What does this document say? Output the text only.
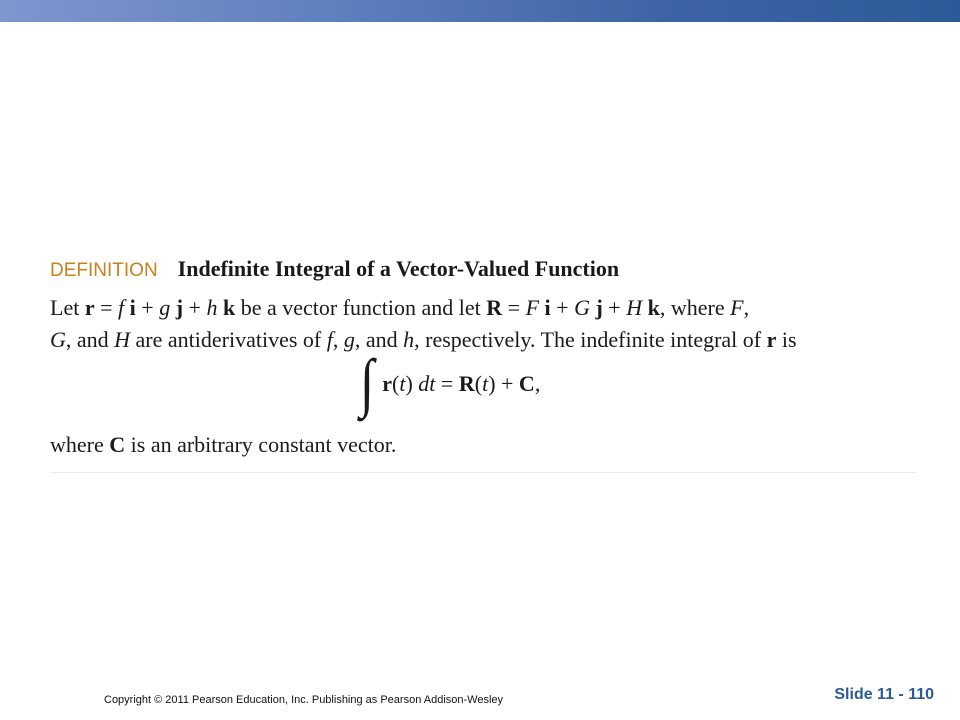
DEFINITION Indefinite Integral of a Vector-Valued Function
Let r = f i + g j + h k be a vector function and let R = F i + G j + H k, where F,
G, and H are antiderivatives of f, g, and h, respectively. The indefinite integral of r is
∫ r(t) dt = R(t) + C,
where C is an arbitrary constant vector.
Copyright © 2011 Pearson Education, Inc. Publishing as Pearson Addison-Wesley	Slide 11 - 110
